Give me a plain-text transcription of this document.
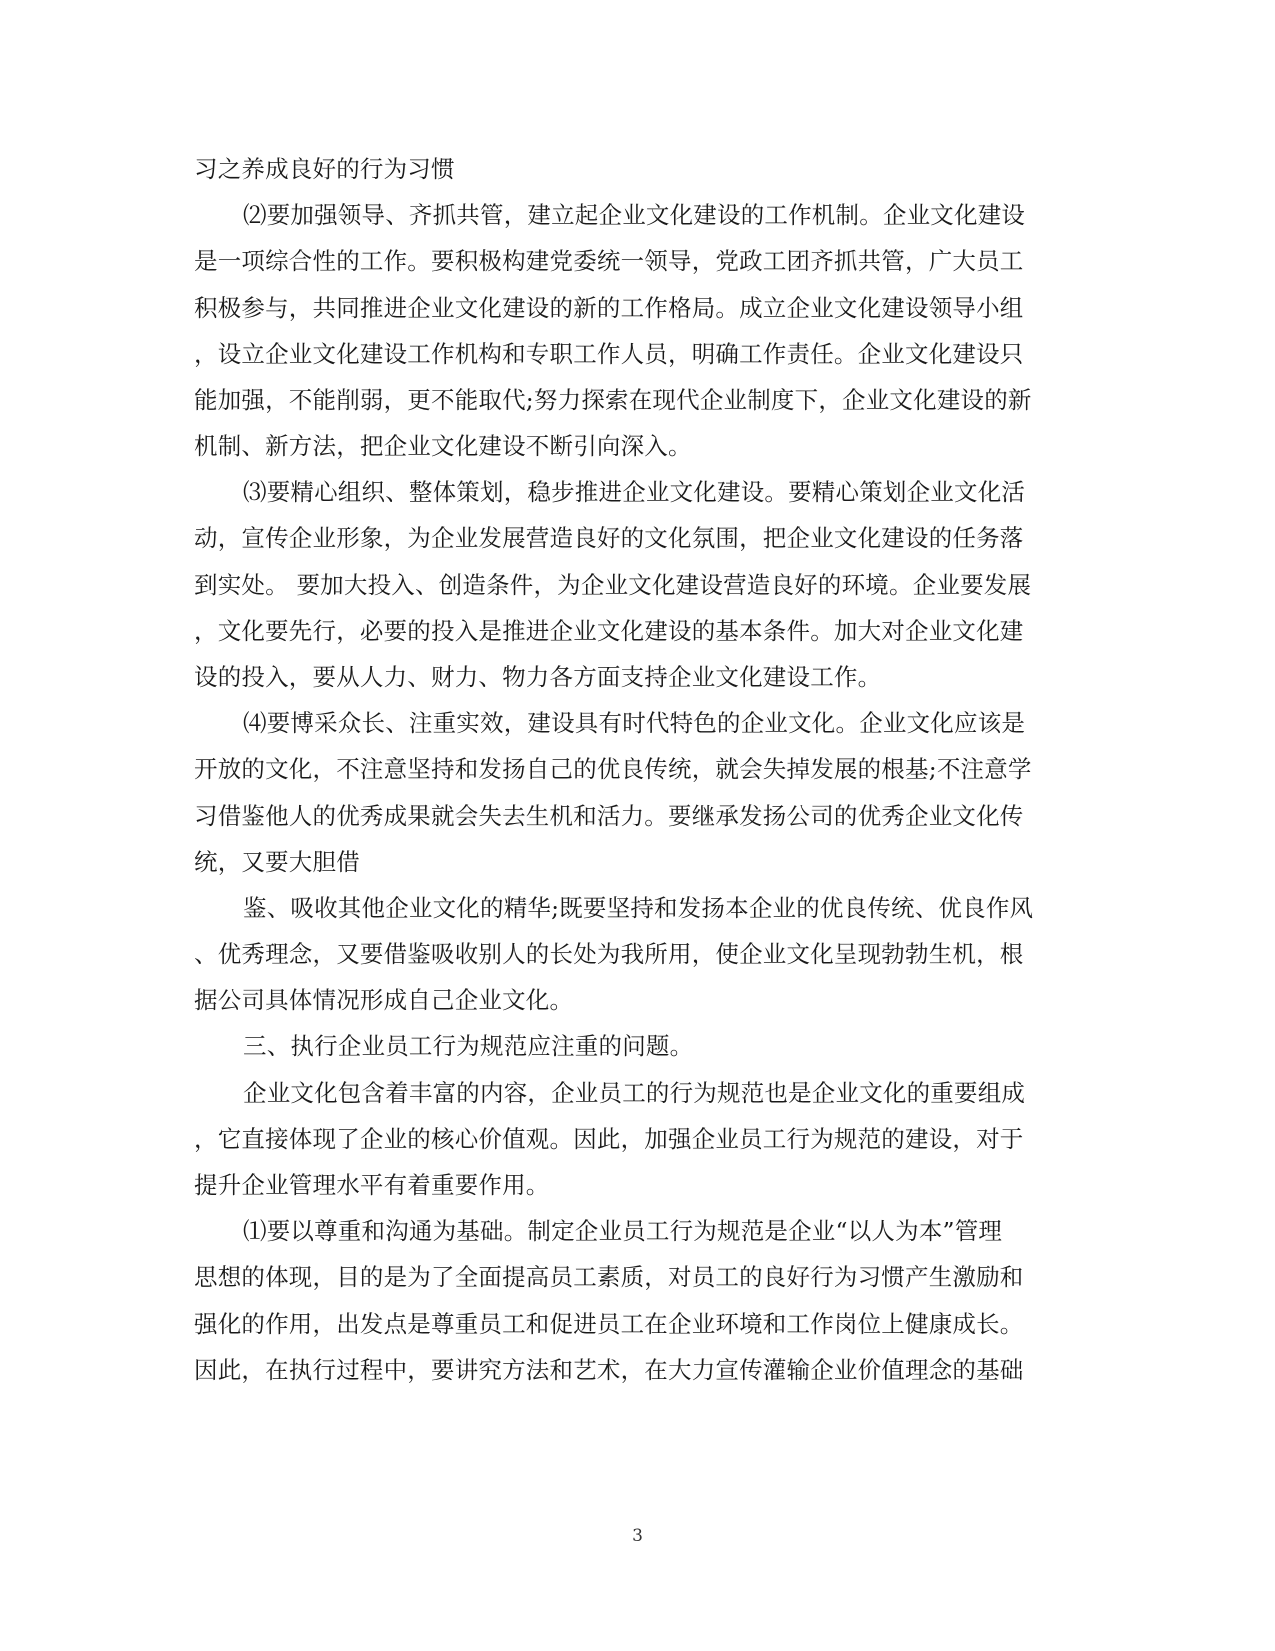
习之养成良好的行为习惯
⑵要加强领导、齐抓共管，建立起企业文化建设的工作机制。企业文化建设
是一项综合性的工作。要积极构建党委统一领导，党政工团齐抓共管，广大员工
积极参与，共同推进企业文化建设的新的工作格局。成立企业文化建设领导小组
，设立企业文化建设工作机构和专职工作人员，明确工作责任。企业文化建设只
能加强，不能削弱，更不能取代;努力探索在现代企业制度下，企业文化建设的新
机制、新方法，把企业文化建设不断引向深入。
⑶要精心组织、整体策划，稳步推进企业文化建设。要精心策划企业文化活
动，宣传企业形象，为企业发展营造良好的文化氛围，把企业文化建设的任务落
到实处。 要加大投入、创造条件，为企业文化建设营造良好的环境。企业要发展
，文化要先行，必要的投入是推进企业文化建设的基本条件。加大对企业文化建
设的投入，要从人力、财力、物力各方面支持企业文化建设工作。
⑷要博采众长、注重实效，建设具有时代特色的企业文化。企业文化应该是
开放的文化，不注意坚持和发扬自己的优良传统，就会失掉发展的根基;不注意学
习借鉴他人的优秀成果就会失去生机和活力。要继承发扬公司的优秀企业文化传
统，又要大胆借
鉴、吸收其他企业文化的精华;既要坚持和发扬本企业的优良传统、优良作风
、优秀理念，又要借鉴吸收别人的长处为我所用，使企业文化呈现勃勃生机，根
据公司具体情况形成自己企业文化。
三、执行企业员工行为规范应注重的问题。
企业文化包含着丰富的内容，企业员工的行为规范也是企业文化的重要组成
，它直接体现了企业的核心价值观。因此，加强企业员工行为规范的建设，对于
提升企业管理水平有着重要作用。
⑴要以尊重和沟通为基础。制定企业员工行为规范是企业“以人为本”管理
思想的体现，目的是为了全面提高员工素质，对员工的良好行为习惯产生激励和
强化的作用，出发点是尊重员工和促进员工在企业环境和工作岗位上健康成长。
因此，在执行过程中，要讲究方法和艺术，在大力宣传灌输企业价值理念的基础
3
